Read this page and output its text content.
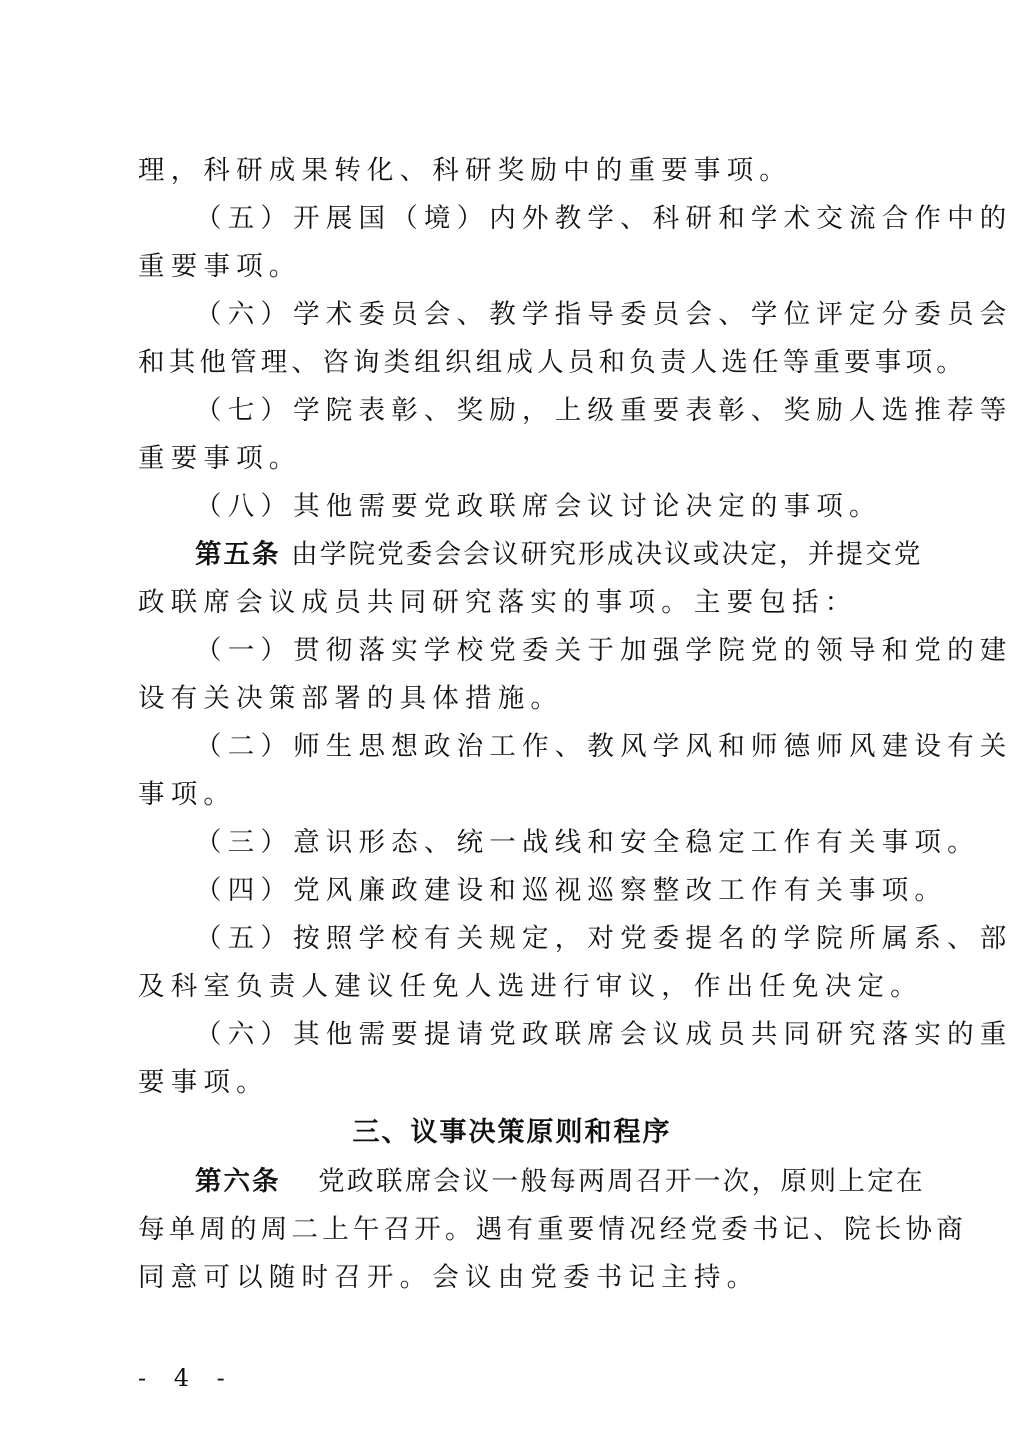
理，科研成果转化、科研奖励中的重要事项。
（五）开展国（境）内外教学、科研和学术交流合作中的
重要事项。
（六）学术委员会、教学指导委员会、学位评定分委员会
和其他管理、咨询类组织组成人员和负责人选任等重要事项。
（七）学院表彰、奖励，上级重要表彰、奖励人选推荐等
重要事项。
（八）其他需要党政联席会议讨论决定的事项。
第五条 由学院党委会会议研究形成决议或决定，并提交党
政联席会议成员共同研究落实的事项。主要包括：
（一）贯彻落实学校党委关于加强学院党的领导和党的建
设有关决策部署的具体措施。
（二）师生思想政治工作、教风学风和师德师风建设有关
事项。
（三）意识形态、统一战线和安全稳定工作有关事项。
（四）党风廉政建设和巡视巡察整改工作有关事项。
（五）按照学校有关规定，对党委提名的学院所属系、部
及科室负责人建议任免人选进行审议，作出任免决定。
（六）其他需要提请党政联席会议成员共同研究落实的重
要事项。
三、议事决策原则和程序
第六条 党政联席会议一般每两周召开一次，原则上定在
每单周的周二上午召开。遇有重要情况经党委书记、院长协商
同意可以随时召开。会议由党委书记主持。
- 4 -
